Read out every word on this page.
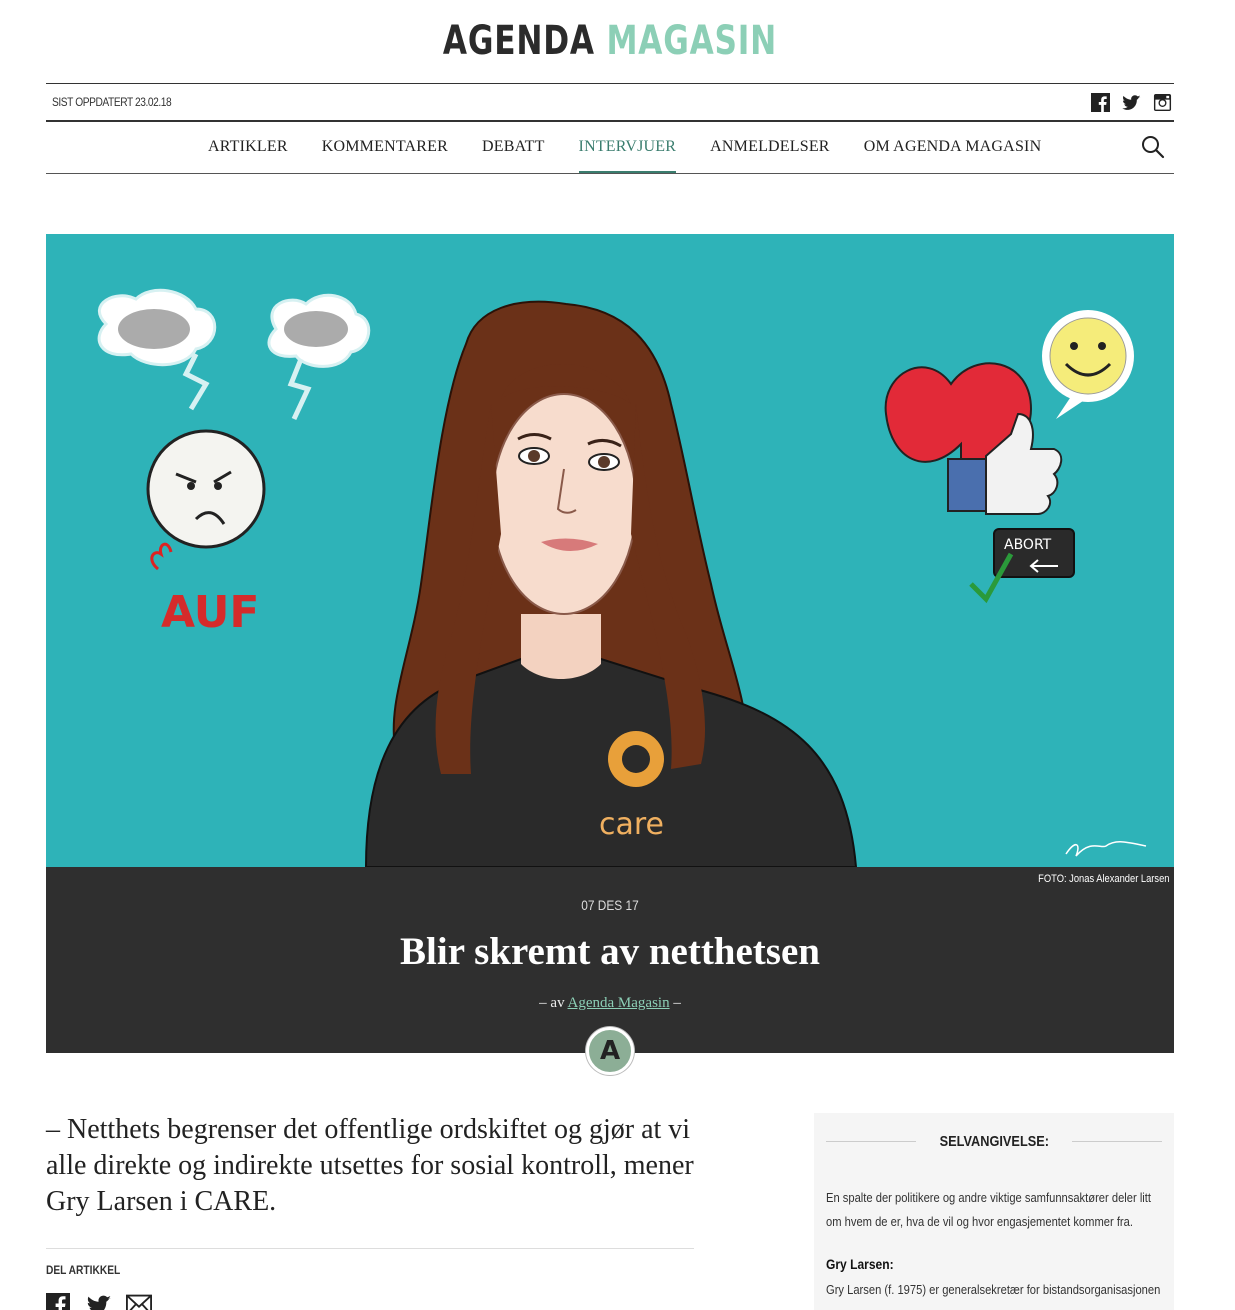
AGENDA MAGASIN
SIST OPPDATERT 23.02.18
ARTIKLER KOMMENTARER DEBATT INTERVJUER ANMELDELSER OM AGENDA MAGASIN
AUF
care
ABORT
FOTO: Jonas Alexander Larsen
07 DES 17
Blir skremt av netthetsen
– av Agenda Magasin –
A
– Netthets begrenser det offentlige ordskiftet og gjør at vi alle direkte og indirekte utsettes for sosial kontroll, mener Gry Larsen i CARE.
DEL ARTIKKEL
SELVANGIVELSE:
En spalte der politikere og andre viktige samfunnsaktører deler litt om hvem de er, hva de vil og hvor engasjementet kommer fra.
Gry Larsen:
Gry Larsen (f. 1975) er generalsekretær for bistandsorganisasjonen
